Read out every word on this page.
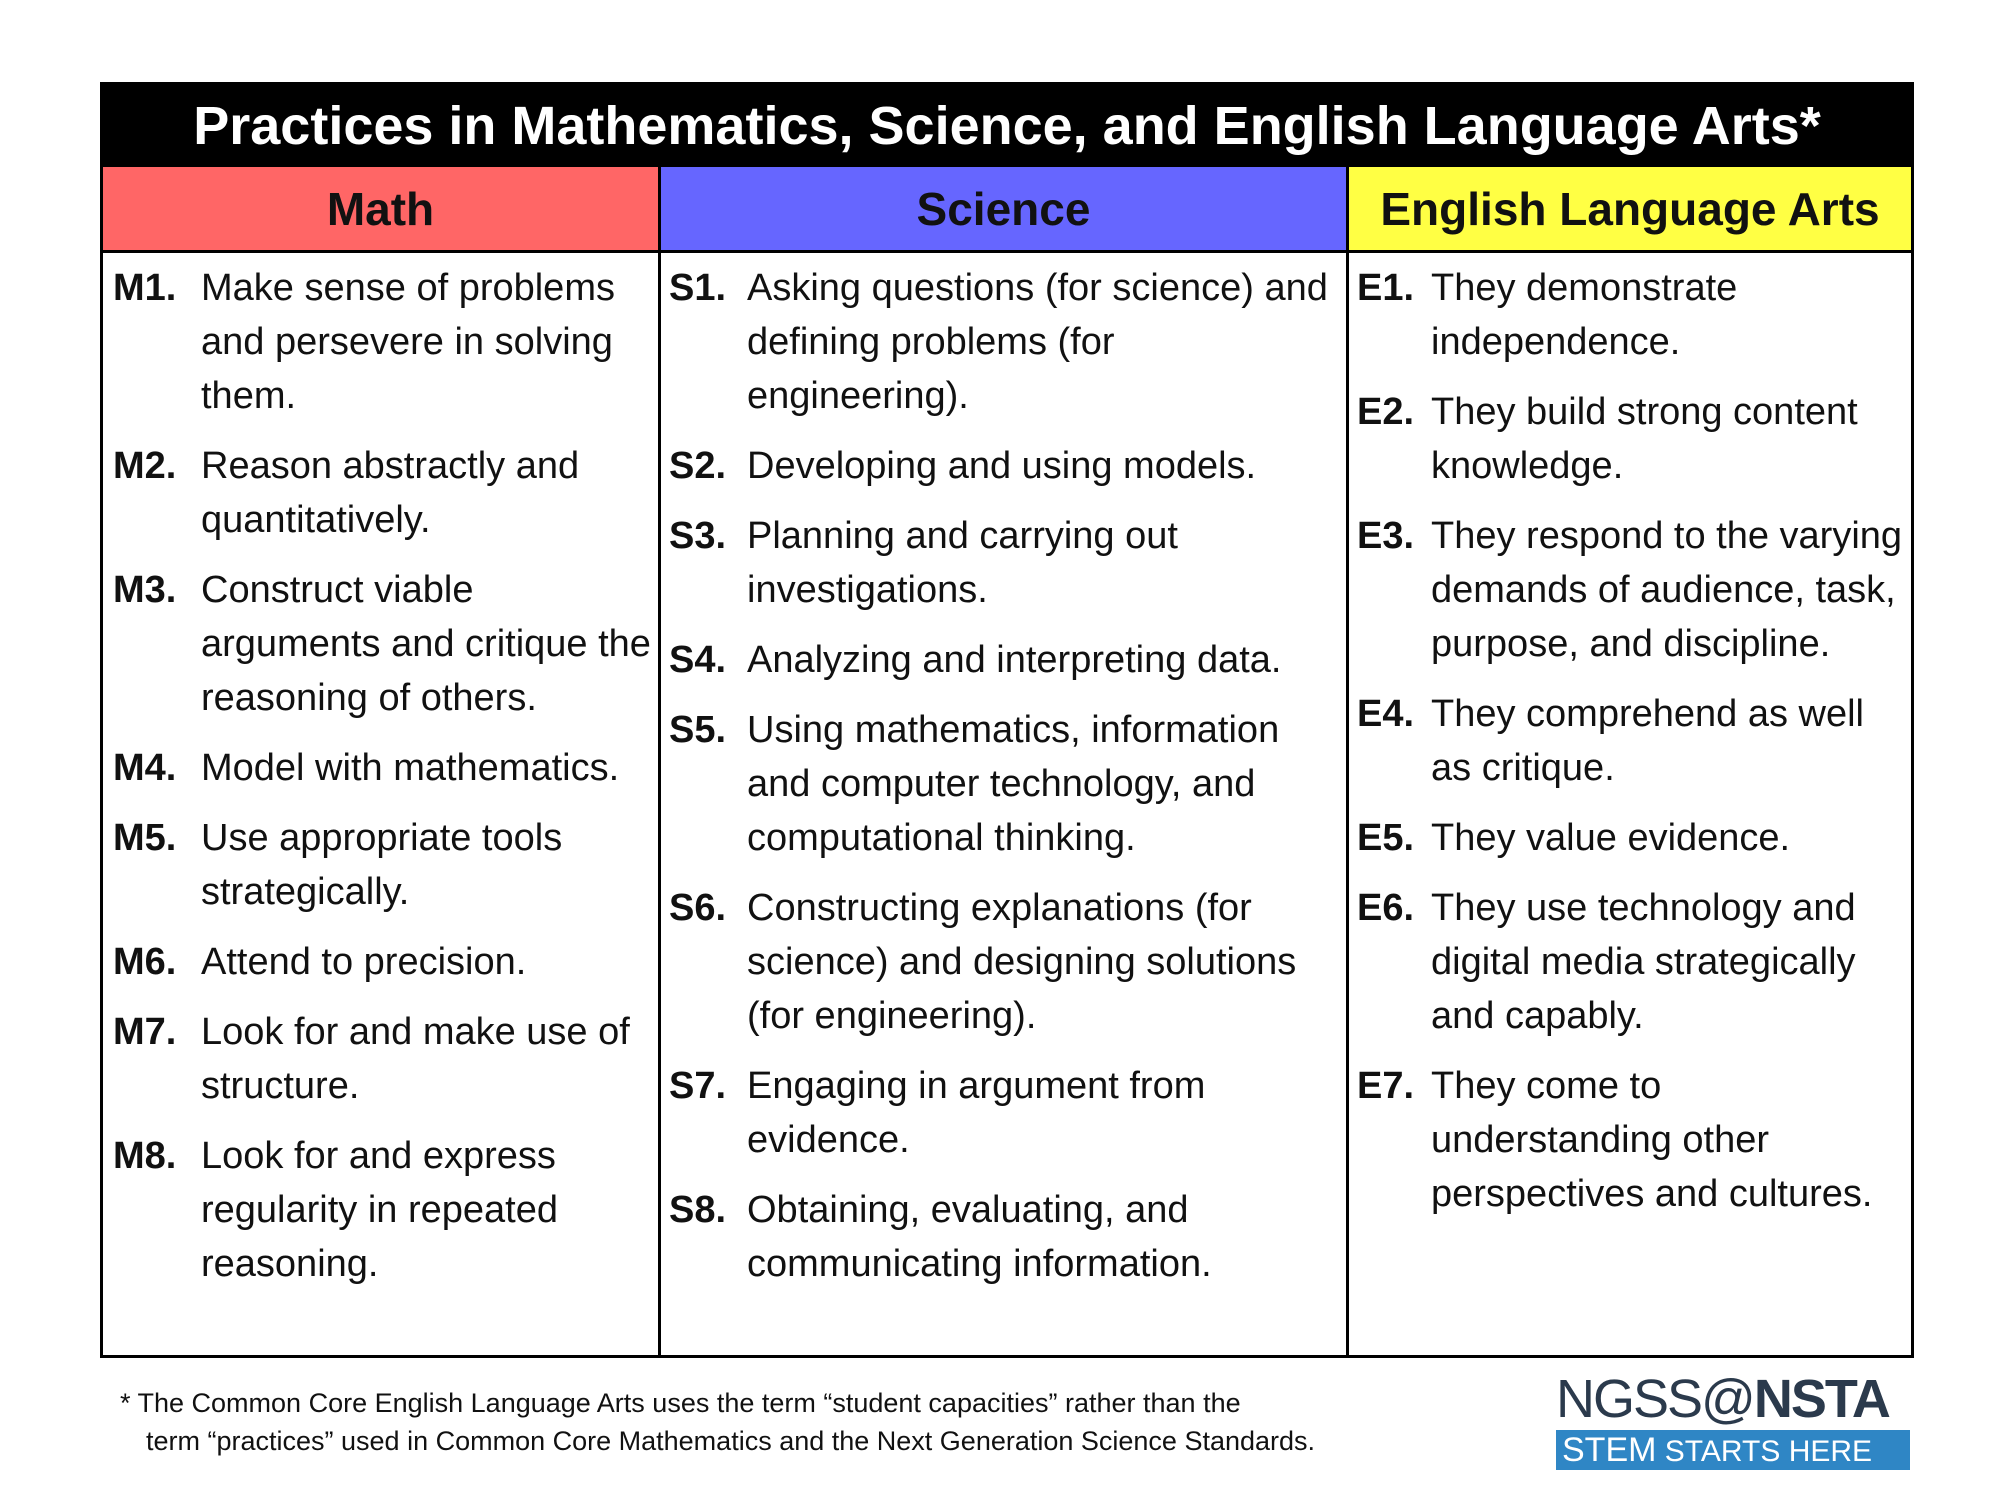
Practices in Mathematics, Science, and English Language Arts*
Math	Science	English Language Arts
M1. Make sense of problems and persevere in solving them.
M2. Reason abstractly and quantitatively.
M3. Construct viable arguments and critique the reasoning of others.
M4. Model with mathematics.
M5. Use appropriate tools strategically.
M6. Attend to precision.
M7. Look for and make use of structure.
M8. Look for and express regularity in repeated reasoning.
S1. Asking questions (for science) and defining problems (for engineering).
S2. Developing and using models.
S3. Planning and carrying out investigations.
S4. Analyzing and interpreting data.
S5. Using mathematics, information and computer technology, and computational thinking.
S6. Constructing explanations (for science) and designing solutions (for engineering).
S7. Engaging in argument from evidence.
S8. Obtaining, evaluating, and communicating information.
E1. They demonstrate independence.
E2. They build strong content knowledge.
E3. They respond to the varying demands of audience, task, purpose, and discipline.
E4. They comprehend as well as critique.
E5. They value evidence.
E6. They use technology and digital media strategically and capably.
E7. They come to understanding other perspectives and cultures.
* The Common Core English Language Arts uses the term “student capacities” rather than the
term “practices” used in Common Core Mathematics and the Next Generation Science Standards.
NGSS@NSTA
STEM STARTS HERE
